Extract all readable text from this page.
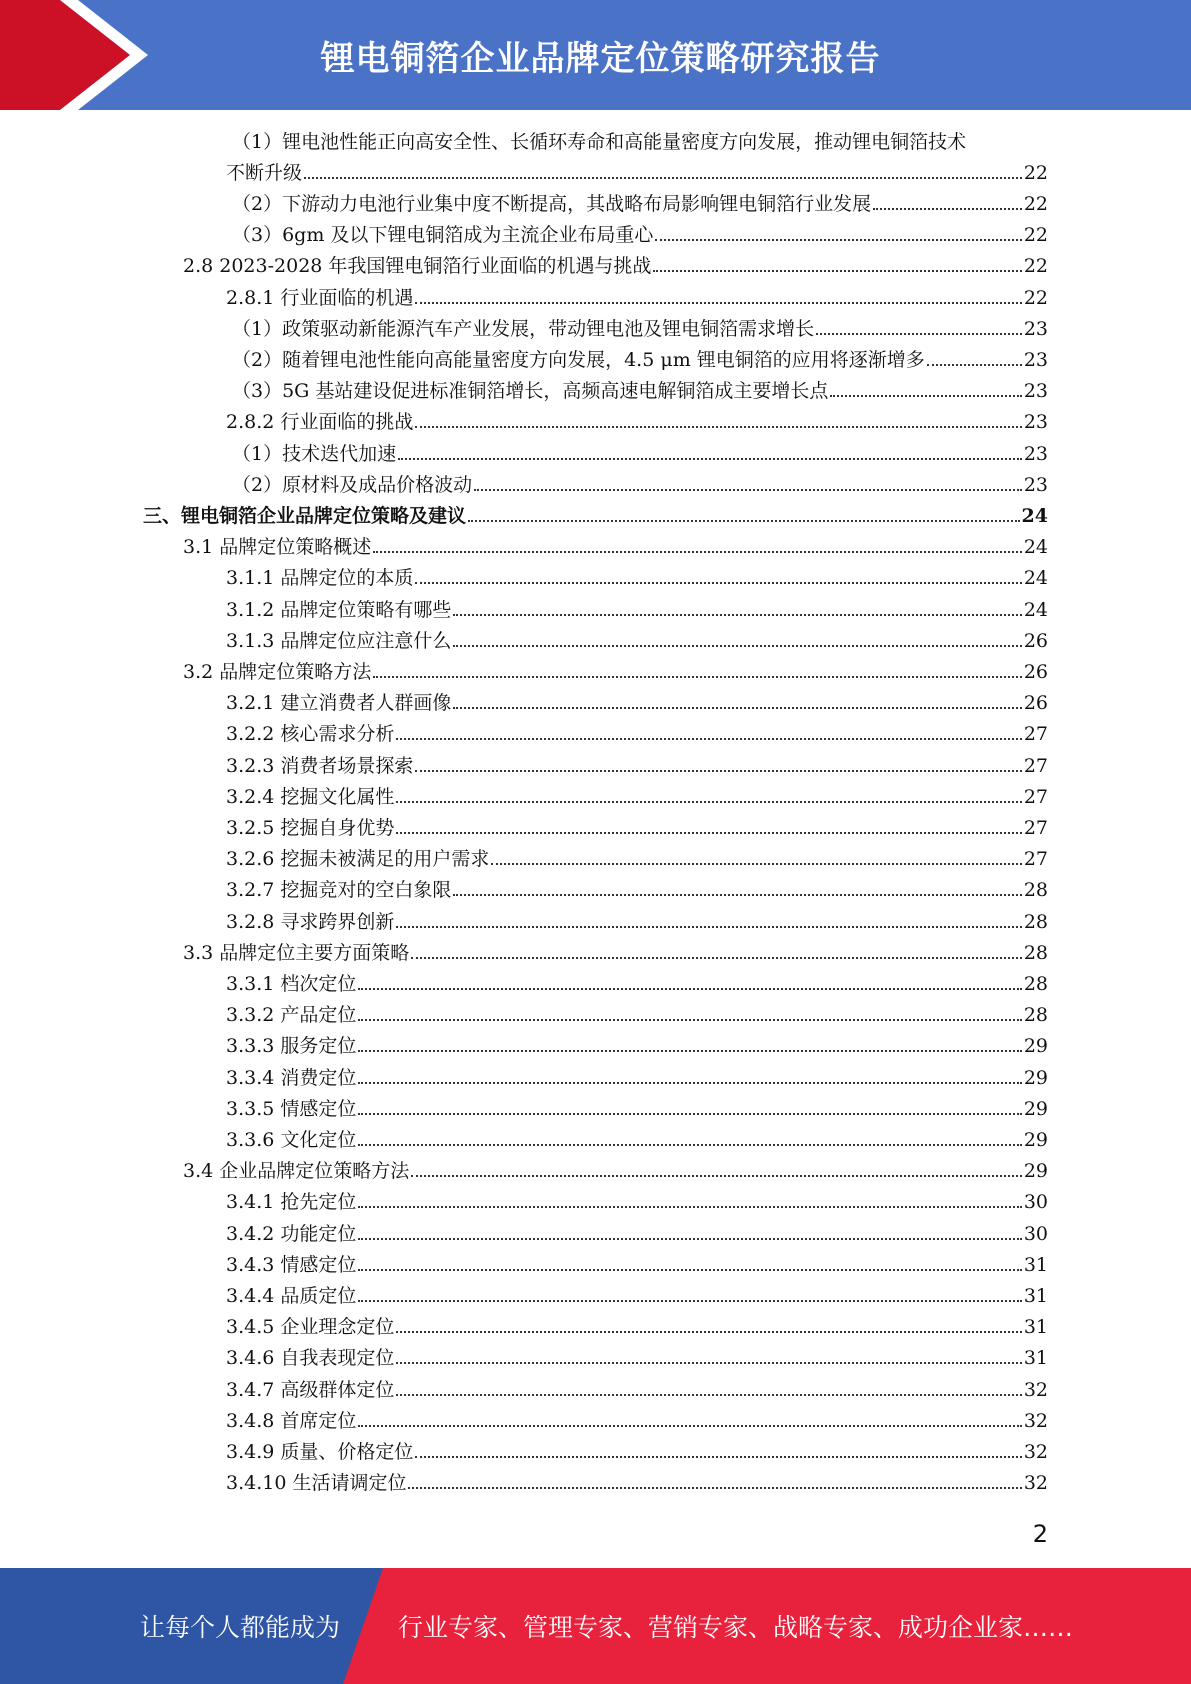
锂电铜箔企业品牌定位策略研究报告
（1）锂电池性能正向高安全性、长循环寿命和高能量密度方向发展，推动锂电铜箔技术
不断升级	22
（2）下游动力电池行业集中度不断提高，其战略布局影响锂电铜箔行业发展	22
（3）6gm 及以下锂电铜箔成为主流企业布局重心	22
2.8 2023-2028 年我国锂电铜箔行业面临的机遇与挑战	22
2.8.1 行业面临的机遇	22
（1）政策驱动新能源汽车产业发展，带动锂电池及锂电铜箔需求增长	23
（2）随着锂电池性能向高能量密度方向发展，4.5 μm 锂电铜箔的应用将逐渐增多	23
（3）5G 基站建设促进标准铜箔增长，高频高速电解铜箔成主要增长点	23
2.8.2 行业面临的挑战	23
（1）技术迭代加速	23
（2）原材料及成品价格波动	23
三、锂电铜箔企业品牌定位策略及建议	24
3.1 品牌定位策略概述	24
3.1.1 品牌定位的本质	24
3.1.2 品牌定位策略有哪些	24
3.1.3 品牌定位应注意什么	26
3.2 品牌定位策略方法	26
3.2.1 建立消费者人群画像	26
3.2.2 核心需求分析	27
3.2.3 消费者场景探索	27
3.2.4 挖掘文化属性	27
3.2.5 挖掘自身优势	27
3.2.6 挖掘未被满足的用户需求	27
3.2.7 挖掘竞对的空白象限	28
3.2.8 寻求跨界创新	28
3.3 品牌定位主要方面策略	28
3.3.1 档次定位	28
3.3.2 产品定位	28
3.3.3 服务定位	29
3.3.4 消费定位	29
3.3.5 情感定位	29
3.3.6 文化定位	29
3.4 企业品牌定位策略方法	29
3.4.1 抢先定位	30
3.4.2 功能定位	30
3.4.3 情感定位	31
3.4.4 品质定位	31
3.4.5 企业理念定位	31
3.4.6 自我表现定位	31
3.4.7 高级群体定位	32
3.4.8 首席定位	32
3.4.9 质量、价格定位	32
3.4.10 生活请调定位	32
2
让每个人都能成为 行业专家、管理专家、营销专家、战略专家、成功企业家……
